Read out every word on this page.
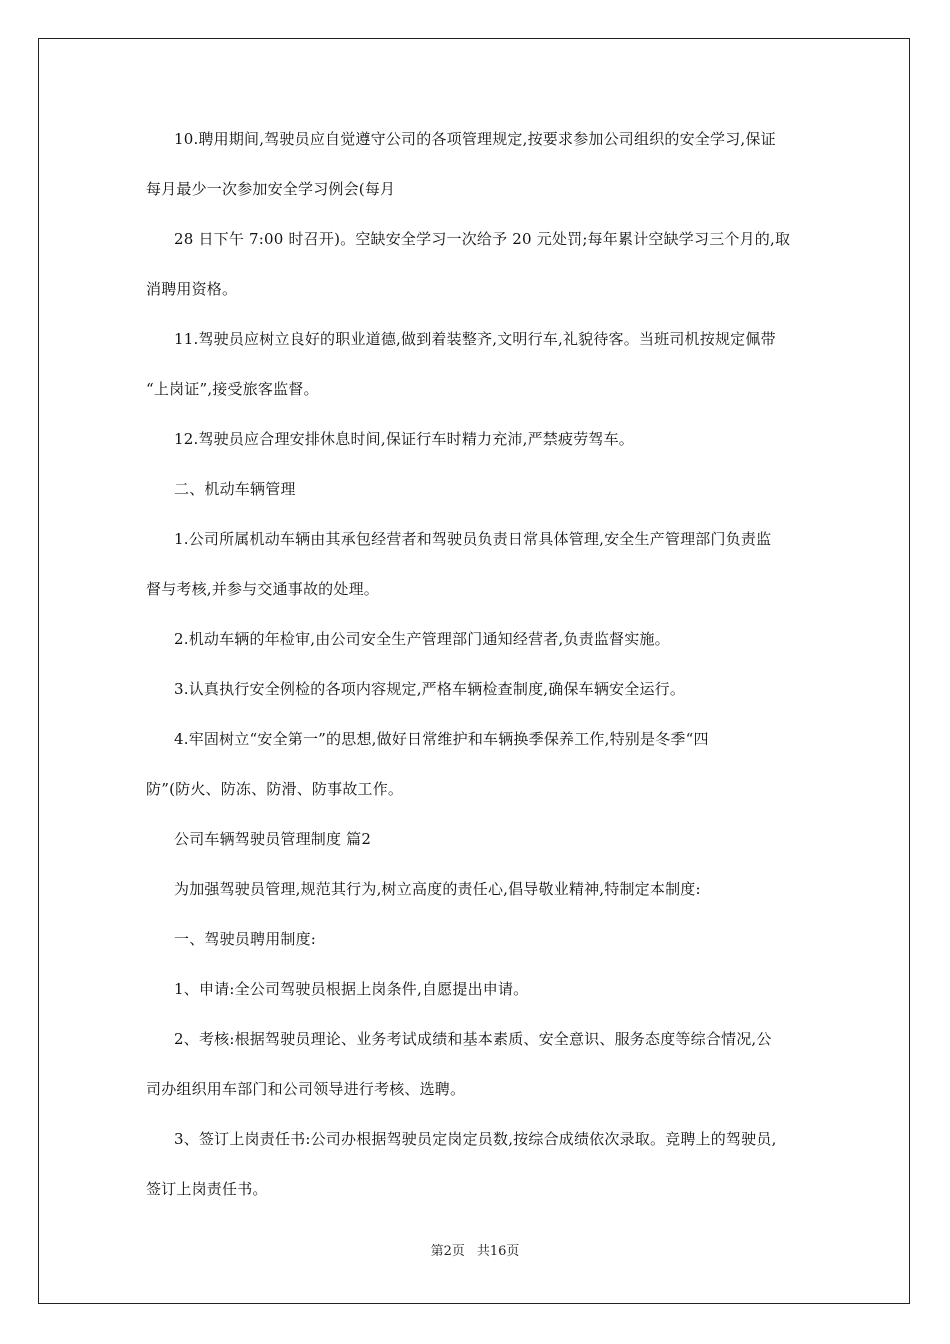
10.聘用期间,驾驶员应自觉遵守公司的各项管理规定,按要求参加公司组织的安全学习,保证
每月最少一次参加安全学习例会(每月
28 日下午 7:00 时召开)。空缺安全学习一次给予 20 元处罚;每年累计空缺学习三个月的,取
消聘用资格。
11.驾驶员应树立良好的职业道德,做到着装整齐,文明行车,礼貌待客。当班司机按规定佩带
“上岗证”,接受旅客监督。
12.驾驶员应合理安排休息时间,保证行车时精力充沛,严禁疲劳驾车。
二、机动车辆管理
1.公司所属机动车辆由其承包经营者和驾驶员负责日常具体管理,安全生产管理部门负责监
督与考核,并参与交通事故的处理。
2.机动车辆的年检审,由公司安全生产管理部门通知经营者,负责监督实施。
3.认真执行安全例检的各项内容规定,严格车辆检查制度,确保车辆安全运行。
4.牢固树立“安全第一”的思想,做好日常维护和车辆换季保养工作,特别是冬季“四
防”(防火、防冻、防滑、防事故工作。
公司车辆驾驶员管理制度 篇2
为加强驾驶员管理,规范其行为,树立高度的责任心,倡导敬业精神,特制定本制度:
一、驾驶员聘用制度:
1、申请:全公司驾驶员根据上岗条件,自愿提出申请。
2、考核:根据驾驶员理论、业务考试成绩和基本素质、安全意识、服务态度等综合情况,公
司办组织用车部门和公司领导进行考核、选聘。
3、签订上岗责任书:公司办根据驾驶员定岗定员数,按综合成绩依次录取。竞聘上的驾驶员,
签订上岗责任书。
第2页 共16页
